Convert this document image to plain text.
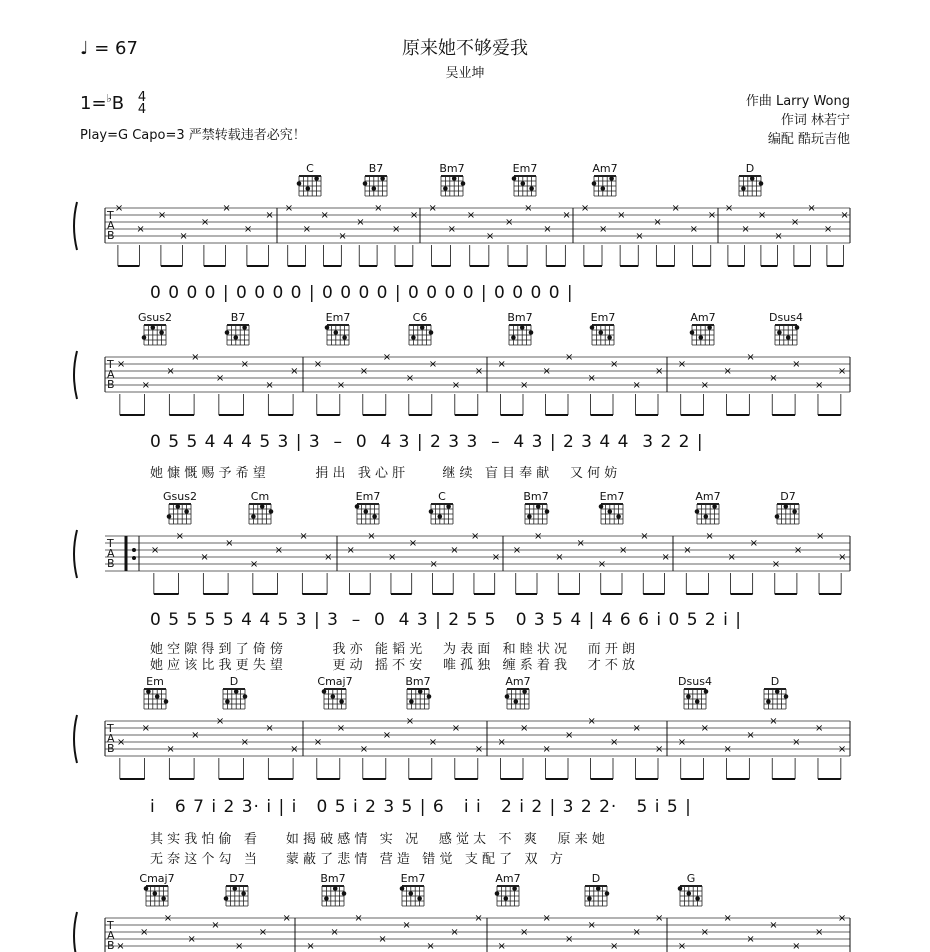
♩ = 67	原来她不够爱我
吴业坤
1=♭B 4
4
Play=G Capo=3 严禁转载违者必究！
作曲 Larry Wong
作词 林若宁
编配 酷玩吉他
C	B7	Bm7	Em7	Am7	D
T
A
B
0 0 0 0 | 0 0 0 0 | 0 0 0 0 | 0 0 0 0 | 0 0 0 0 |
Gsus2	B7	Em7	C6	Bm7	Em7	Am7	Dsus4
T
A
B
0 5 5 4 4 4 5 3 | 3  –  0  4 3 | 2 3 3  –  4 3 | 2 3 4 4  3 2 2 |
她 慷 慨 赐 予 希 望            捐 出   我 心 肝         继 续   盲 目 奉 献     又 何 妨
Gsus2	Cm	Em7	C	Bm7	Em7	Am7	D7
T
A
B
0 5 5 5 5 4 4 5 3 | 3  –  0  4 3 | 2 5 5   0 3 5 4 | 4 6 6 i 0 5 2 i |
她 空 隙 得 到 了 倚 傍            我 亦   能 韬 光     为 表 面   和 睦 状 况     而 开 朗
她 应 该 比 我 更 失 望            更 动   摇 不 安     唯 孤 独   缠 系 着 我     才 不 放
Em	D	Cmaj7	Bm7	Am7	Dsus4	D
T
A
B
i   6 7 i 2 3· i | i   0 5 i 2 3 5 | 6   i i   2 i 2 | 3 2 2·   5 i 5 |
其 实 我 怕 偷   看       如 揭 破 感 情   实   况     感 觉 太   不   爽     原 来 她
无 奈 这 个 勾   当       蒙 蔽 了 悲 情   营 造   错 觉   支 配 了   双   方
Cmaj7	D7	Bm7	Em7	Am7	D	G
T
A
B
×
×
×
×
×
×
×
×
×
×
×
×
×
×
×
×
×
×
×
×
×
×
×
×
×
×
×
×
×
×
×
×
×
×
×
×
×
×
×
×
×
×
×
×
×
×
×
×
×
×
×
×
×
×
×
×
×
×
×
×
×
×
×
×
×
×
×
×
×
×
×
×
×
×
×
×
×
×
×
×
×
×
×
×
×
×
×
×
×
×
×
×
×
×
×
×
×
×
×
×
×
×
×
×
×
×
×
×
×
×
×
×
×
×
×
×
×
×
×
×
×
×
×
×
×
×
×
×
×
×
×
×
×
×
×
×
×
×
×
×
×
×
×
×
×
×
×
×
×
×
×
×
×
×
×
×
×
×
×
×
×
×
×
×
×
×
×
×
